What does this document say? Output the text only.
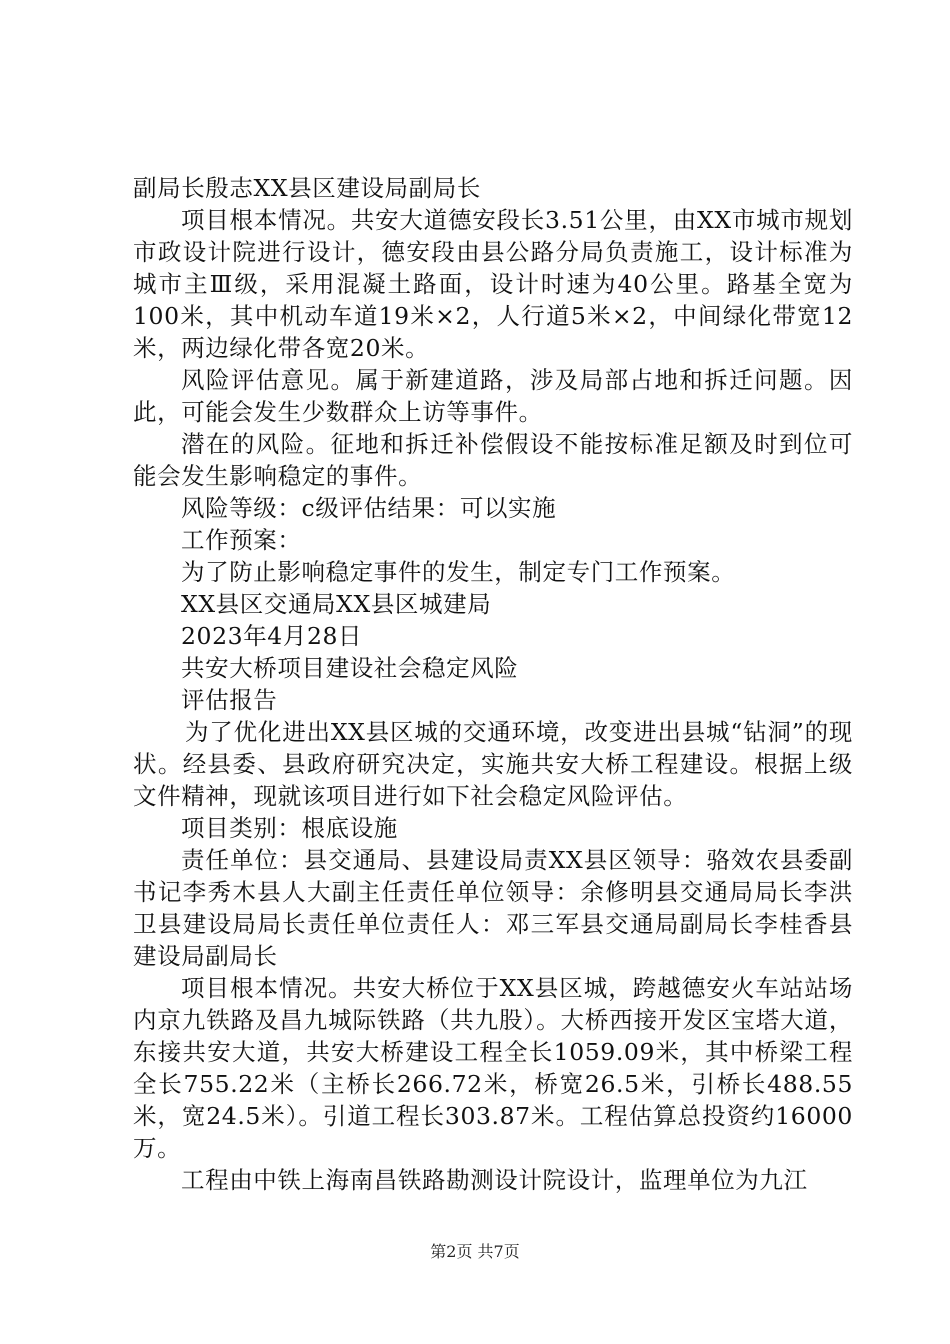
副局长殷志XX县区建设局副局长

项目根本情况。共安大道德安段长3.51公里，由XX市城市规划市政设计院进行设计，德安段由县公路分局负责施工，设计标准为城市主Ⅲ级，采用混凝土路面，设计时速为40公里。路基全宽为100米，其中机动车道19米×2，人行道5米×2，中间绿化带宽12米，两边绿化带各宽20米。

风险评估意见。属于新建道路，涉及局部占地和拆迁问题。因此，可能会发生少数群众上访等事件。

潜在的风险。征地和拆迁补偿假设不能按标准足额及时到位可能会发生影响稳定的事件。

风险等级：c级评估结果：可以实施

工作预案：

为了防止影响稳定事件的发生，制定专门工作预案。

XX县区交通局XX县区城建局

2023年4月28日

共安大桥项目建设社会稳定风险

评估报告

为了优化进出XX县区城的交通环境，改变进出县城“钻洞”的现状。经县委、县政府研究决定，实施共安大桥工程建设。根据上级文件精神，现就该项目进行如下社会稳定风险评估。

项目类别：根底设施

责任单位：县交通局、县建设局责XX县区领导：骆效农县委副书记李秀木县人大副主任责任单位领导：余修明县交通局局长李洪卫县建设局局长责任单位责任人：邓三军县交通局副局长李桂香县建设局副局长

项目根本情况。共安大桥位于XX县区城，跨越德安火车站站场内京九铁路及昌九城际铁路（共九股）。大桥西接开发区宝塔大道，东接共安大道，共安大桥建设工程全长1059.09米，其中桥梁工程全长755.22米（主桥长266.72米，桥宽26.5米，引桥长488.55米，宽24.5米）。引道工程长303.87米。工程估算总投资约16000万。

工程由中铁上海南昌铁路勘测设计院设计，监理单位为九江

第2页 共7页
